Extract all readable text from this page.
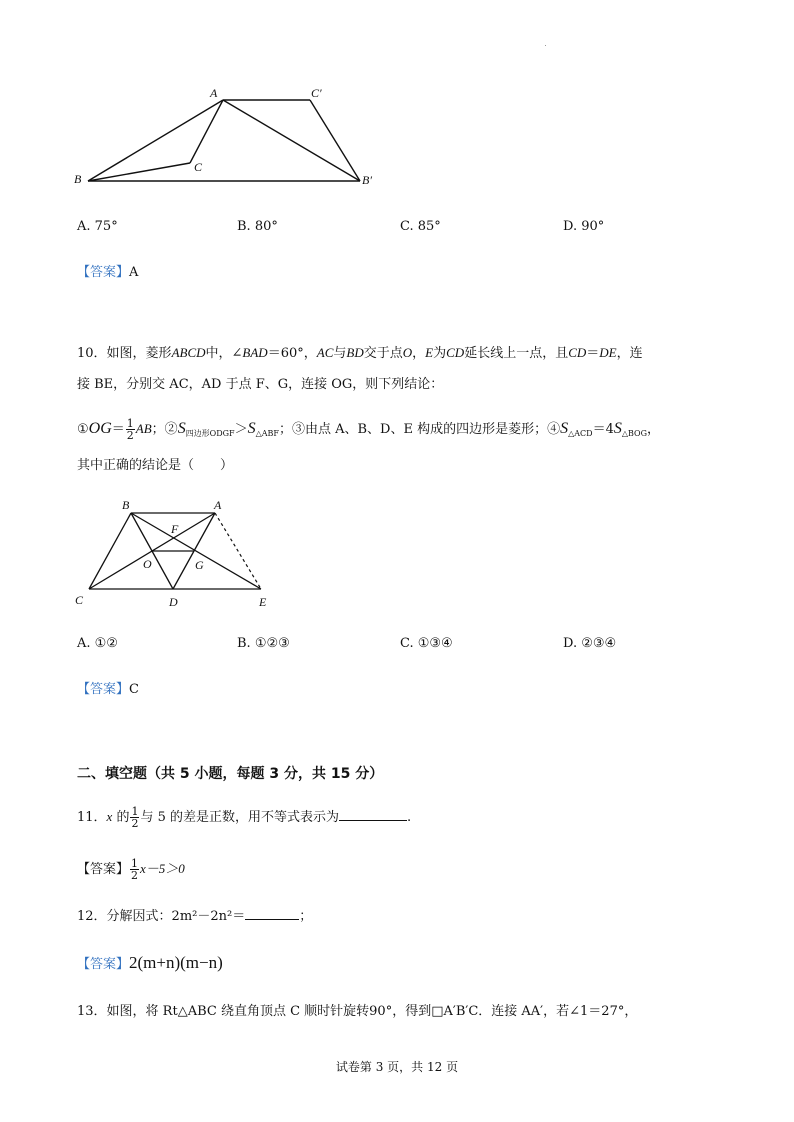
A	C′
C
B	B′
A. 75°	B. 80°	C. 85°	D. 90°
【答案】A
10．如图，菱形ABCD中，∠BAD＝60°，AC与BD交于点O，E为CD延长线上一点，且CD＝DE，连
接 BE，分别交 AC，AD 于点 F、G，连接 OG，则下列结论：
①OG＝ $\frac{1}{2}$ AB；$②S_{四边形ODGF}>S_{\triangle ABF}$；③由点 A、B、D、E 构成的四边形是菱形；$④S_{\triangle ACD}=4S_{\triangle BOG}$，
其中正确的结论是（　　）
B	A
F
O	G
C	D	E
A. ①②	B. ①②③	C. ①③④	D. ②③④
【答案】C
二、填空题（共 5 小题，每题 3 分，共 15 分）
11．x 的 $\frac{1}{2}$ 与 5 的差是正数，用不等式表示为	.
【答案】 $\frac{1}{2} x-5>0$
12．分解因式：2m²－2n²＝	；
【答案】2(m+n)(m−n)
13．如图，将 Rt△ABC 绕直角顶点 C 顺时针旋转90°，得到□A′B′C．连接 AA′，若∠1＝27°，
试卷第 3 页，共 12 页
